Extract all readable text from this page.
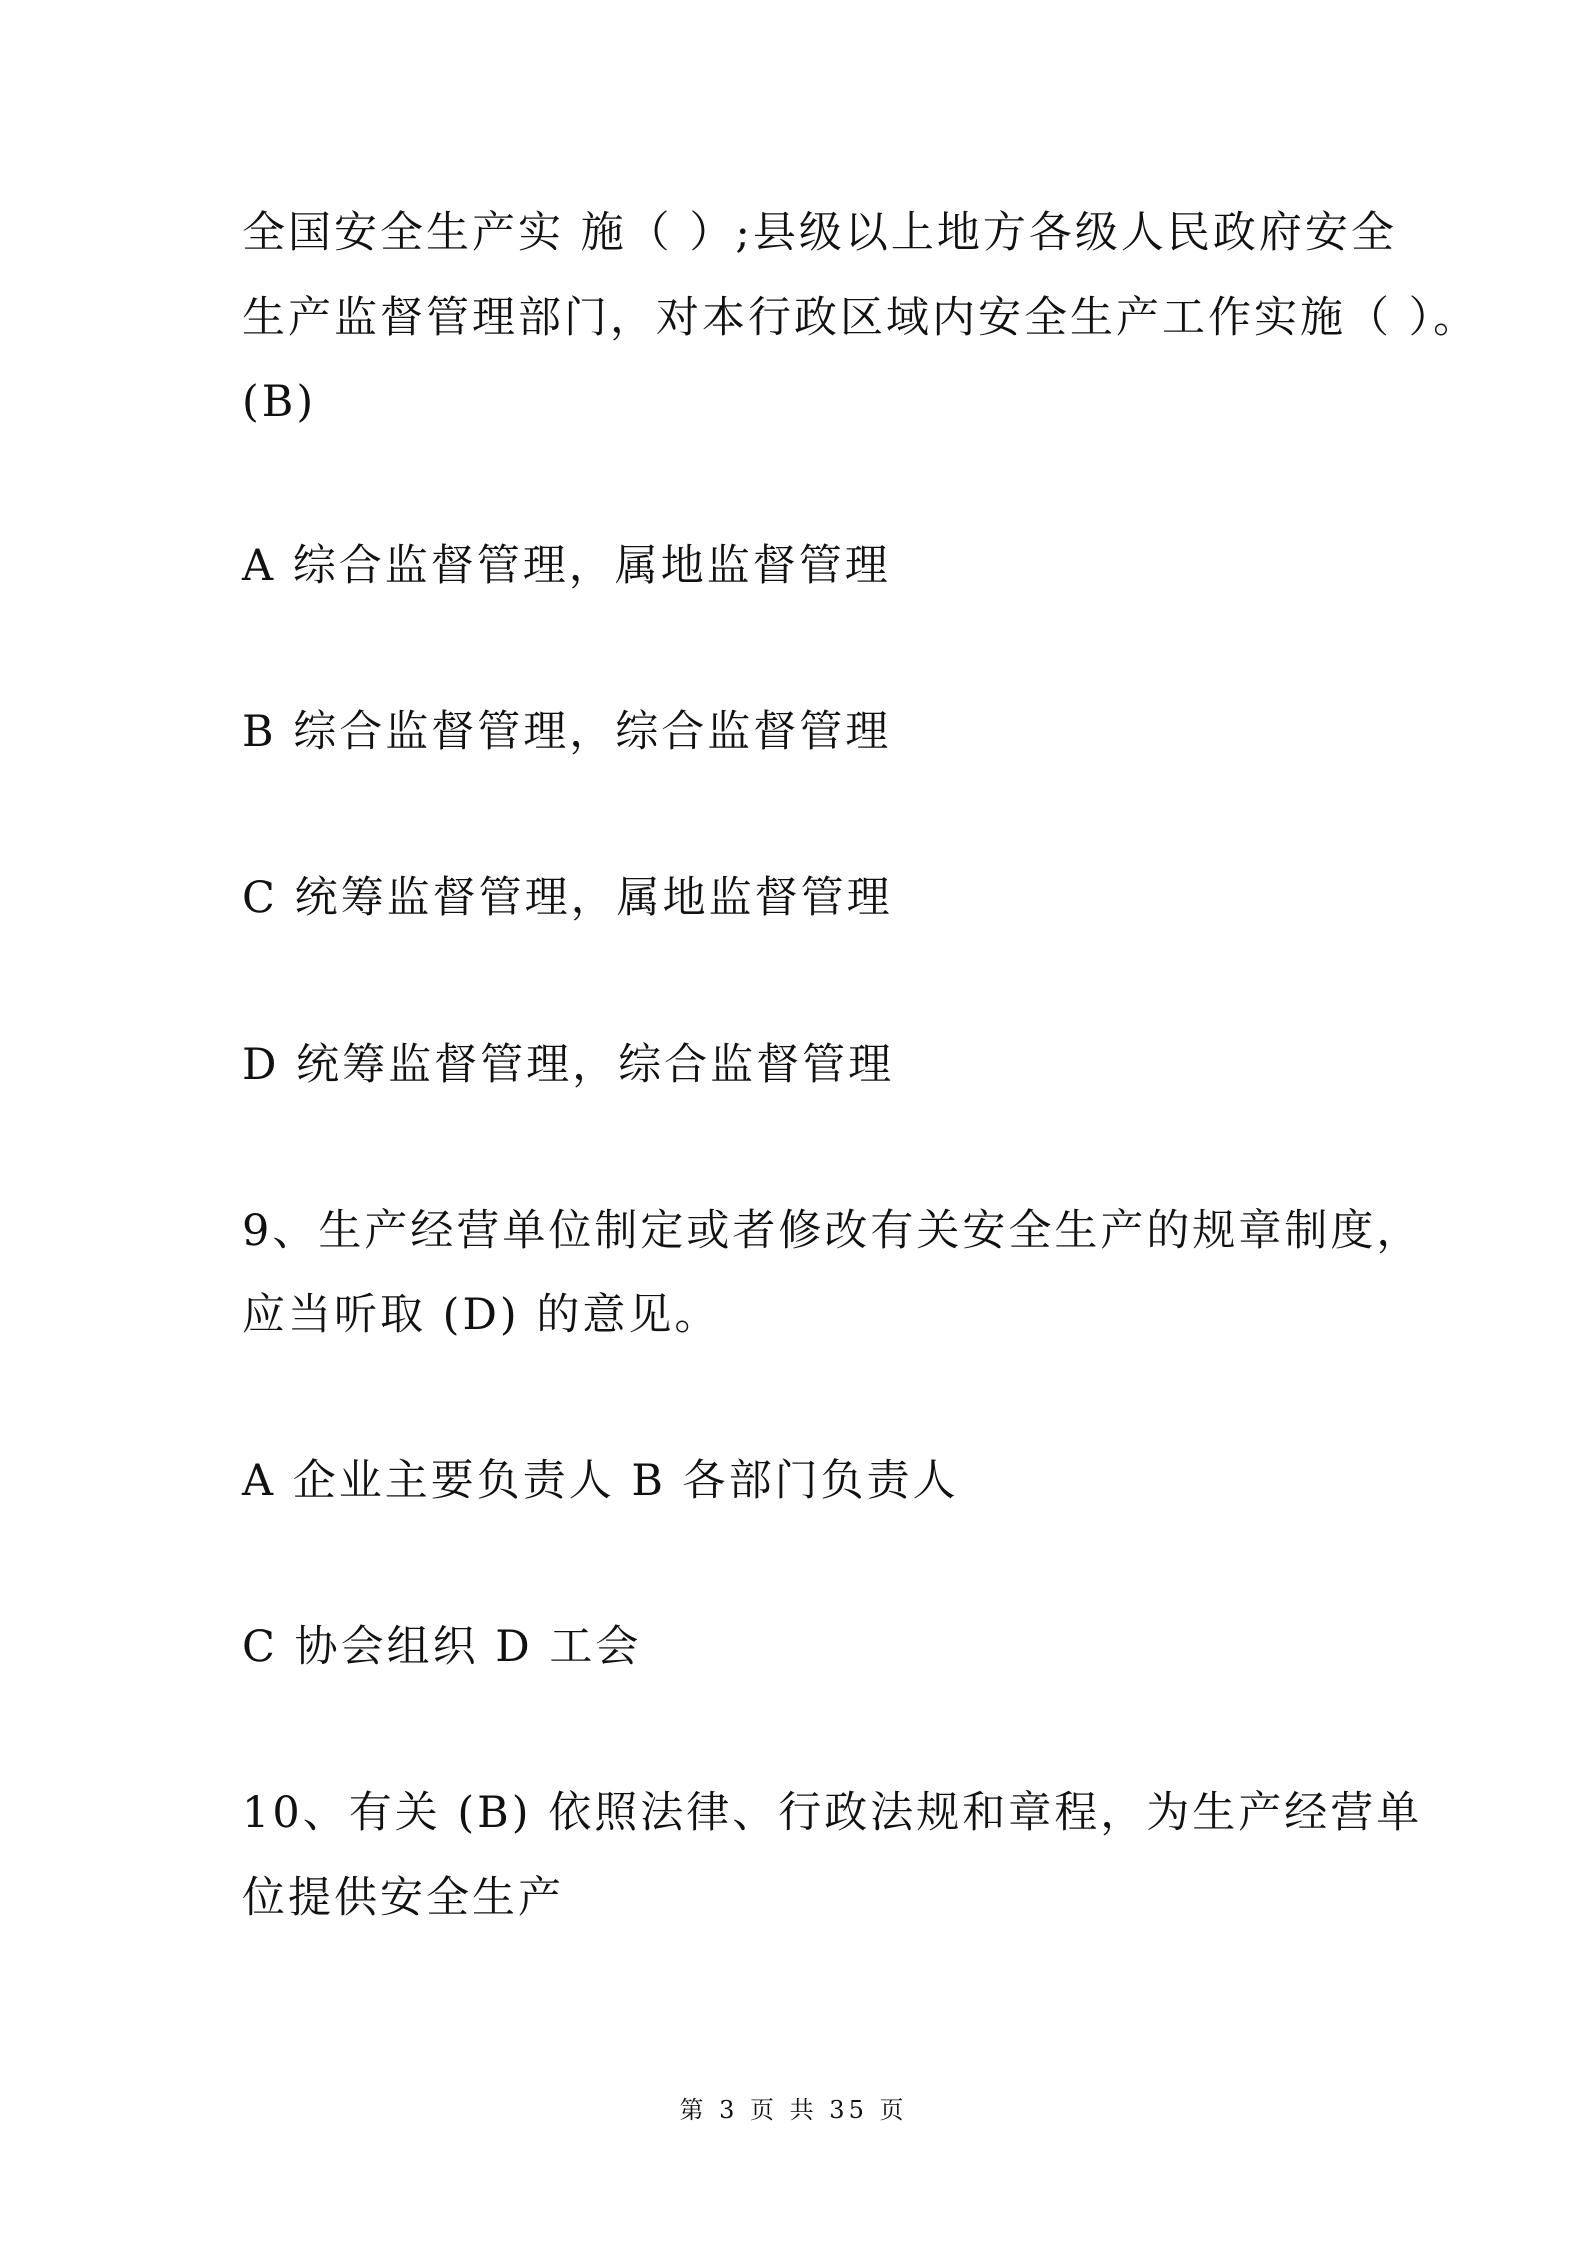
全国安全生产实 施（ ）;县级以上地方各级人民政府安全
生产监督管理部门，对本行政区域内安全生产工作实施（ ）。
(B)
A 综合监督管理，属地监督管理
B 综合监督管理，综合监督管理
C 统筹监督管理，属地监督管理
D 统筹监督管理，综合监督管理
9、生产经营单位制定或者修改有关安全生产的规章制度，
应当听取 (D) 的意见。
A 企业主要负责人 B 各部门负责人
C 协会组织 D 工会
10、有关 (B) 依照法律、行政法规和章程，为生产经营单
位提供安全生产
第 3 页 共 35 页
